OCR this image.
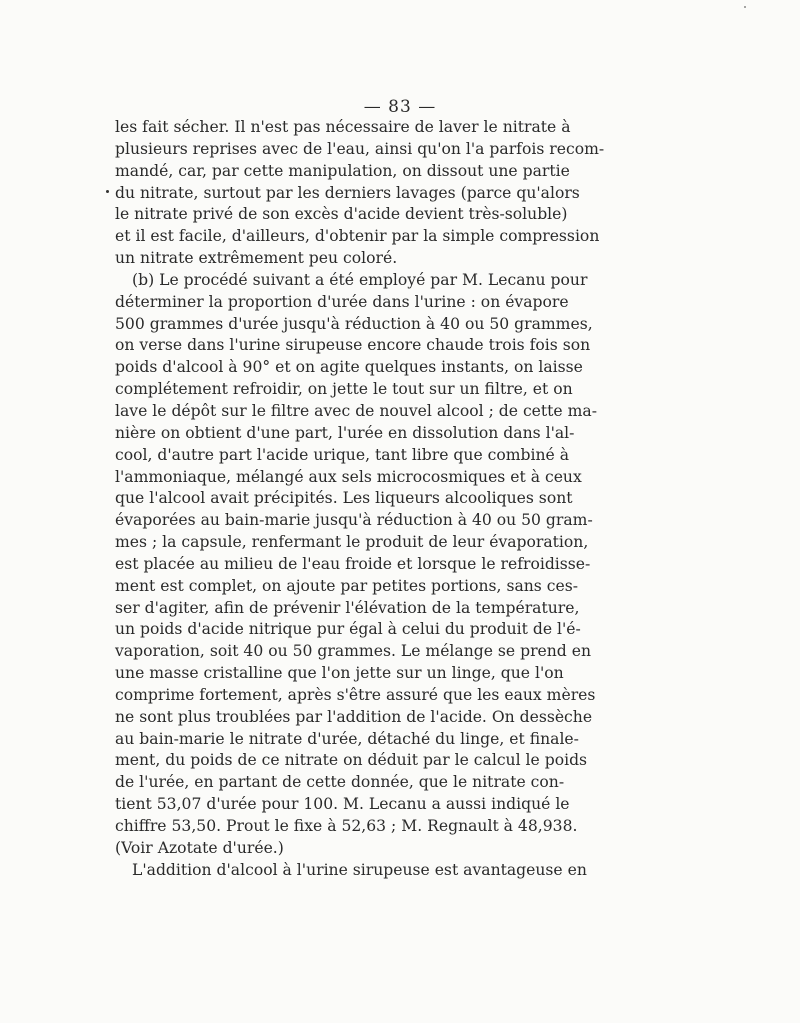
— 83 —
les fait sécher. Il n'est pas nécessaire de laver le nitrate à
plusieurs reprises avec de l'eau, ainsi qu'on l'a parfois recom-
mandé, car, par cette manipulation, on dissout une partie
du nitrate, surtout par les derniers lavages (parce qu'alors
le nitrate privé de son excès d'acide devient très-soluble)
et il est facile, d'ailleurs, d'obtenir par la simple compression
un nitrate extrêmement peu coloré.
(b) Le procédé suivant a été employé par M. Lecanu pour
déterminer la proportion d'urée dans l'urine : on évapore
500 grammes d'urée jusqu'à réduction à 40 ou 50 grammes,
on verse dans l'urine sirupeuse encore chaude trois fois son
poids d'alcool à 90° et on agite quelques instants, on laisse
complétement refroidir, on jette le tout sur un filtre, et on
lave le dépôt sur le filtre avec de nouvel alcool ; de cette ma-
nière on obtient d'une part, l'urée en dissolution dans l'al-
cool, d'autre part l'acide urique, tant libre que combiné à
l'ammoniaque, mélangé aux sels microcosmiques et à ceux
que l'alcool avait précipités. Les liqueurs alcooliques sont
évaporées au bain-marie jusqu'à réduction à 40 ou 50 gram-
mes ; la capsule, renfermant le produit de leur évaporation,
est placée au milieu de l'eau froide et lorsque le refroidisse-
ment est complet, on ajoute par petites portions, sans ces-
ser d'agiter, afin de prévenir l'élévation de la température,
un poids d'acide nitrique pur égal à celui du produit de l'é-
vaporation, soit 40 ou 50 grammes. Le mélange se prend en
une masse cristalline que l'on jette sur un linge, que l'on
comprime fortement, après s'être assuré que les eaux mères
ne sont plus troublées par l'addition de l'acide. On dessèche
au bain-marie le nitrate d'urée, détaché du linge, et finale-
ment, du poids de ce nitrate on déduit par le calcul le poids
de l'urée, en partant de cette donnée, que le nitrate con-
tient 53,07 d'urée pour 100. M. Lecanu a aussi indiqué le
chiffre 53,50. Prout le fixe à 52,63 ; M. Regnault à 48,938.
(Voir Azotate d'urée.)
L'addition d'alcool à l'urine sirupeuse est avantageuse en
